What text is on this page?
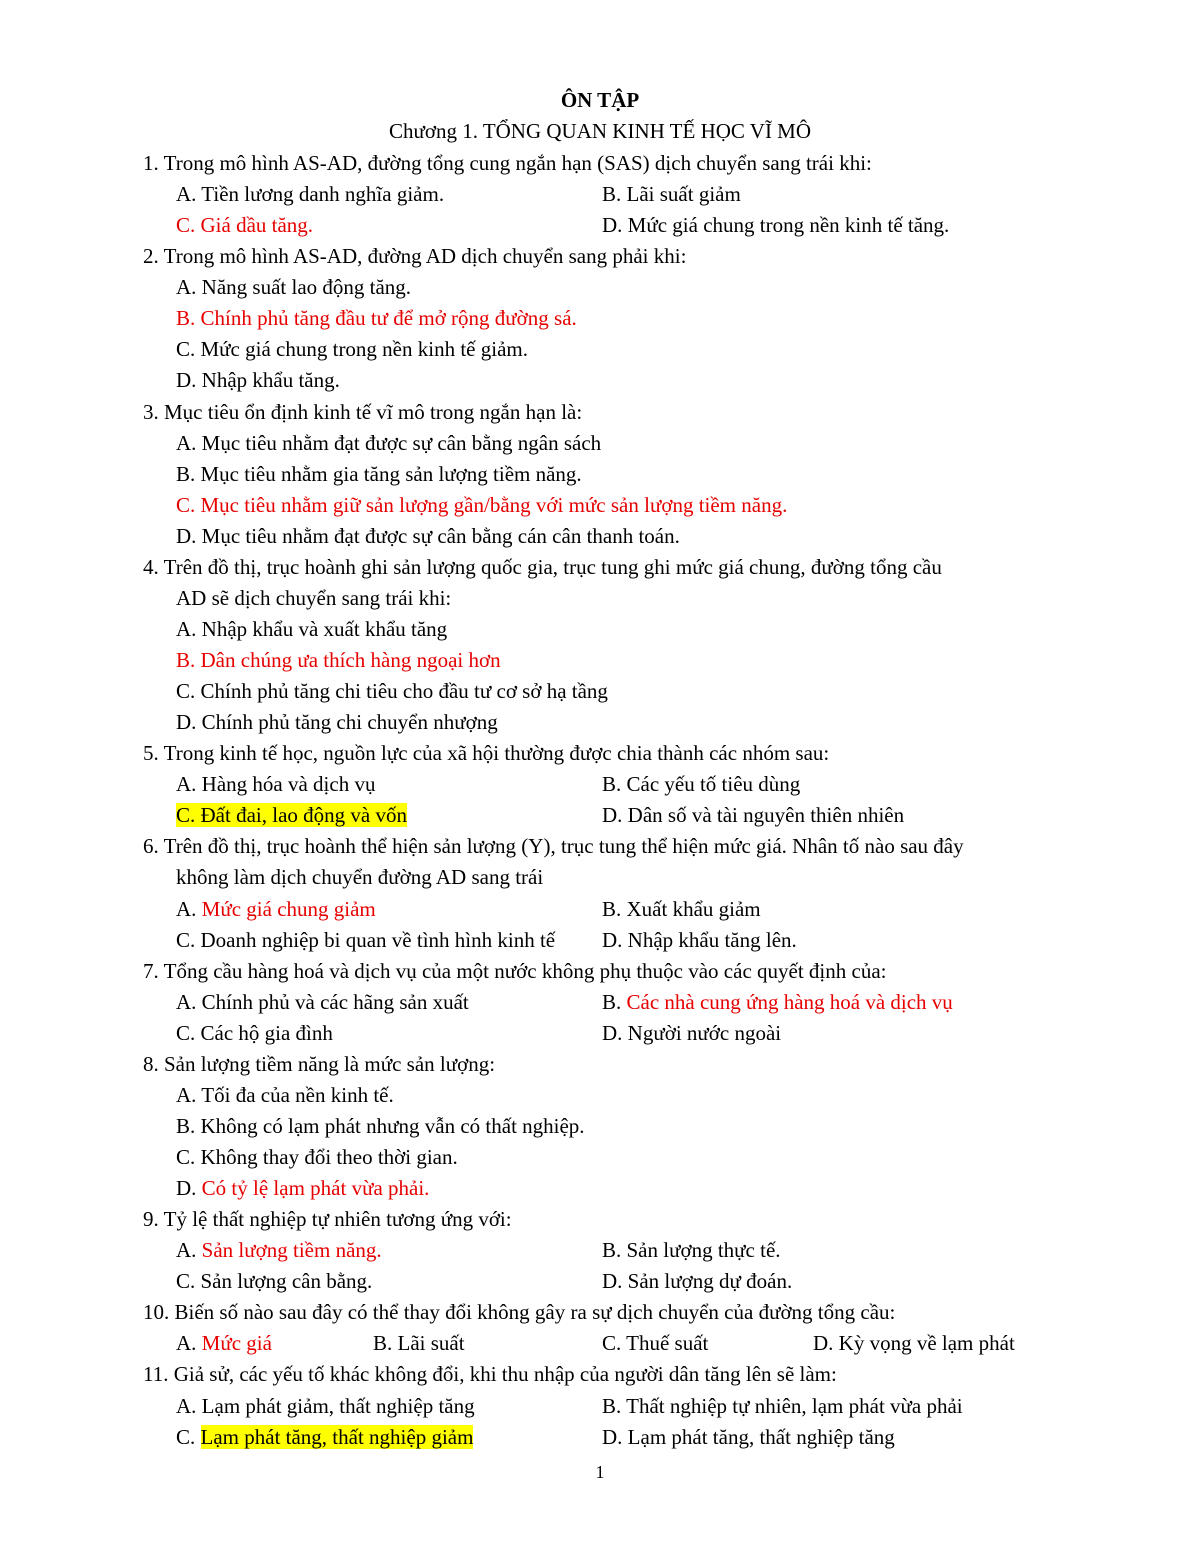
ÔN TẬP
Chương 1. TỔNG QUAN KINH TẾ HỌC VĨ MÔ
1. Trong mô hình AS-AD, đường tổng cung ngắn hạn (SAS) dịch chuyển sang trái khi:
A. Tiền lương danh nghĩa giảm.	B. Lãi suất giảm
C. Giá dầu tăng.	D. Mức giá chung trong nền kinh tế tăng.
2. Trong mô hình AS-AD, đường AD dịch chuyển sang phải khi:
A. Năng suất lao động tăng.
B. Chính phủ tăng đầu tư để mở rộng đường sá.
C. Mức giá chung trong nền kinh tế giảm.
D. Nhập khẩu tăng.
3. Mục tiêu ổn định kinh tế vĩ mô trong ngắn hạn là:
A. Mục tiêu nhằm đạt được sự cân bằng ngân sách
B. Mục tiêu nhằm gia tăng sản lượng tiềm năng.
C. Mục tiêu nhằm giữ sản lượng gần/bằng với mức sản lượng tiềm năng.
D. Mục tiêu nhằm đạt được sự cân bằng cán cân thanh toán.
4. Trên đồ thị, trục hoành ghi sản lượng quốc gia, trục tung ghi mức giá chung, đường tổng cầu
AD sẽ dịch chuyển sang trái khi:
A. Nhập khẩu và xuất khẩu tăng
B. Dân chúng ưa thích hàng ngoại hơn
C. Chính phủ tăng chi tiêu cho đầu tư cơ sở hạ tầng
D. Chính phủ tăng chi chuyển nhượng
5. Trong kinh tế học, nguồn lực của xã hội thường được chia thành các nhóm sau:
A. Hàng hóa và dịch vụ	B. Các yếu tố tiêu dùng
C. Đất đai, lao động và vốn	D. Dân số và tài nguyên thiên nhiên
6. Trên đồ thị, trục hoành thể hiện sản lượng (Y), trục tung thể hiện mức giá. Nhân tố nào sau đây
không làm dịch chuyển đường AD sang trái
A. Mức giá chung giảm	B. Xuất khẩu giảm
C. Doanh nghiệp bi quan về tình hình kinh tế	D. Nhập khẩu tăng lên.
7. Tổng cầu hàng hoá và dịch vụ của một nước không phụ thuộc vào các quyết định của:
A. Chính phủ và các hãng sản xuất	B. Các nhà cung ứng hàng hoá và dịch vụ
C. Các hộ gia đình	D. Người nước ngoài
8. Sản lượng tiềm năng là mức sản lượng:
A. Tối đa của nền kinh tế.
B. Không có lạm phát nhưng vẫn có thất nghiệp.
C. Không thay đổi theo thời gian.
D. Có tỷ lệ lạm phát vừa phải.
9. Tỷ lệ thất nghiệp tự nhiên tương ứng với:
A. Sản lượng tiềm năng.	B. Sản lượng thực tế.
C. Sản lượng cân bằng.	D. Sản lượng dự đoán.
10. Biến số nào sau đây có thể thay đổi không gây ra sự dịch chuyển của đường tổng cầu:
A. Mức giá	B. Lãi suất	C. Thuế suất	D. Kỳ vọng về lạm phát
11. Giả sử, các yếu tố khác không đổi, khi thu nhập của người dân tăng lên sẽ làm:
A. Lạm phát giảm, thất nghiệp tăng	B. Thất nghiệp tự nhiên, lạm phát vừa phải
C. Lạm phát tăng, thất nghiệp giảm	D. Lạm phát tăng, thất nghiệp tăng
1
